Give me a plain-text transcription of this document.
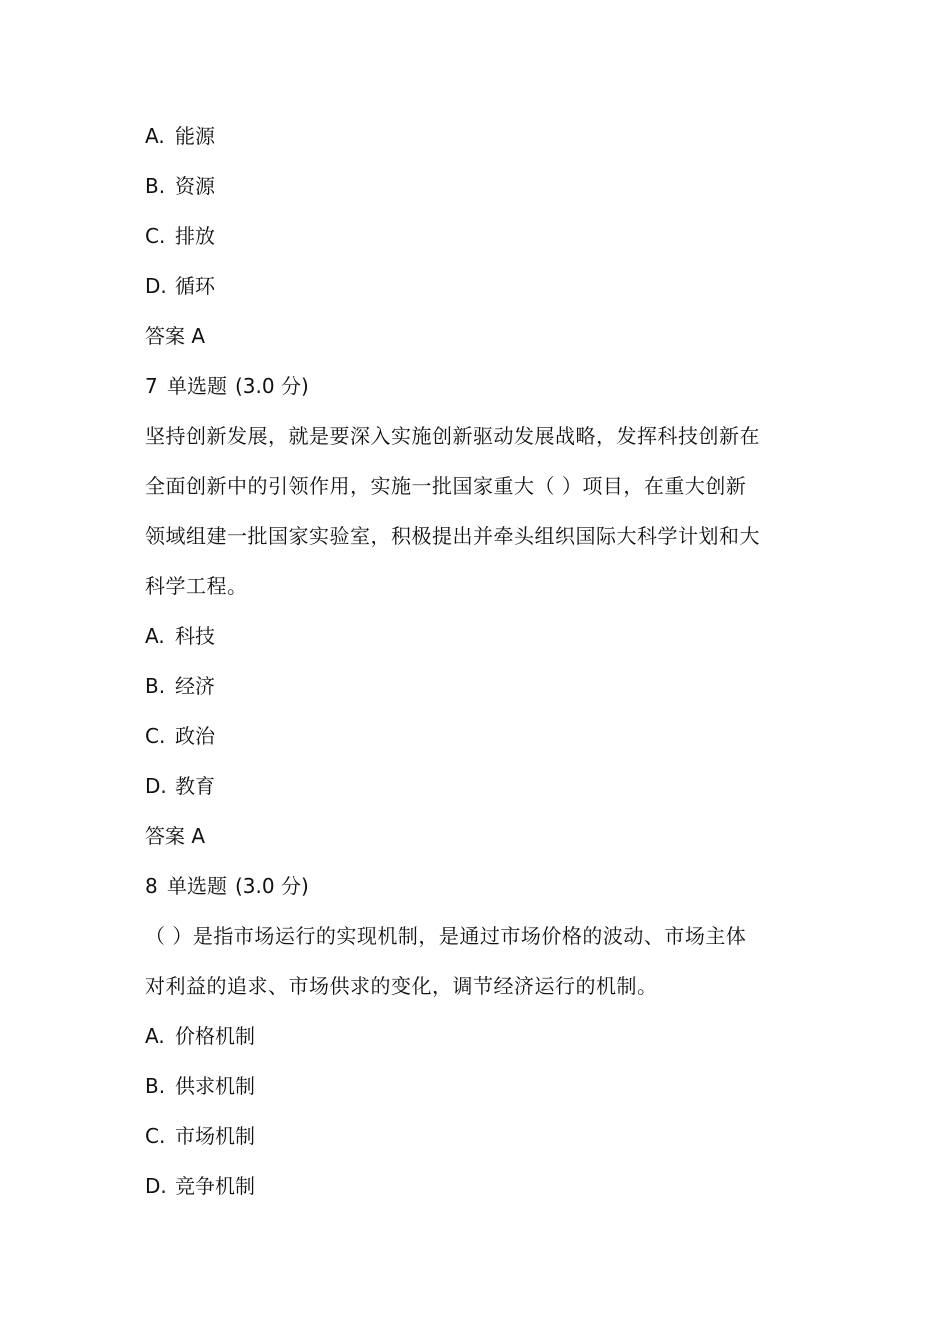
A. 能源
B. 资源
C. 排放
D. 循环
答案 A
7 单选题 (3.0 分)
坚持创新发展，就是要深入实施创新驱动发展战略，发挥科技创新在
全面创新中的引领作用，实施一批国家重大（ ）项目，在重大创新
领域组建一批国家实验室，积极提出并牵头组织国际大科学计划和大
科学工程。
A. 科技
B. 经济
C. 政治
D. 教育
答案 A
8 单选题 (3.0 分)
（ ）是指市场运行的实现机制，是通过市场价格的波动、市场主体
对利益的追求、市场供求的变化，调节经济运行的机制。
A. 价格机制
B. 供求机制
C. 市场机制
D. 竞争机制
